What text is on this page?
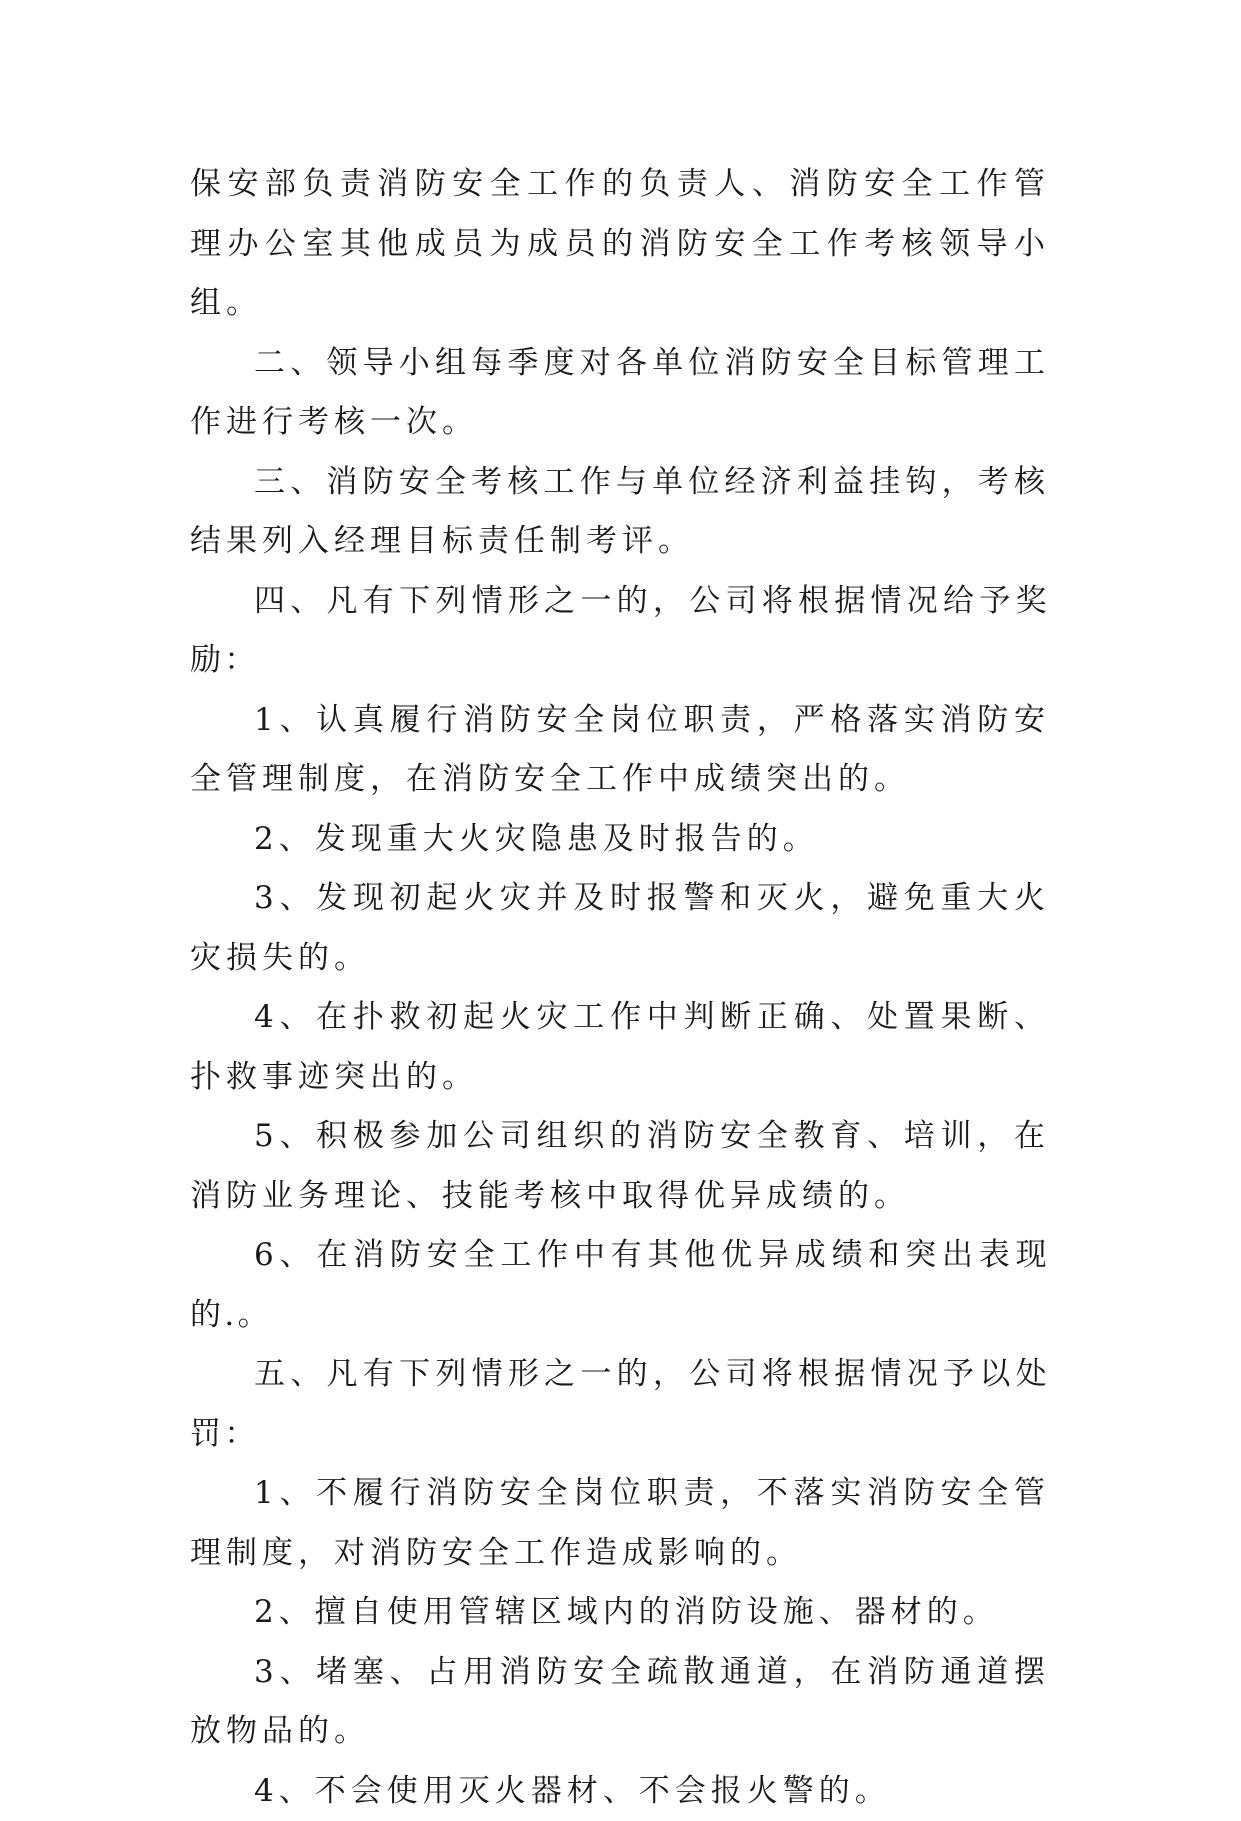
保安部负责消防安全工作的负责人、消防安全工作管理办公室其他成员为成员的消防安全工作考核领导小组。

二、领导小组每季度对各单位消防安全目标管理工作进行考核一次。

三、消防安全考核工作与单位经济利益挂钩，考核结果列入经理目标责任制考评。

四、凡有下列情形之一的，公司将根据情况给予奖励：

1、认真履行消防安全岗位职责，严格落实消防安全管理制度，在消防安全工作中成绩突出的。

2、发现重大火灾隐患及时报告的。

3、发现初起火灾并及时报警和灭火，避免重大火灾损失的。

4、在扑救初起火灾工作中判断正确、处置果断、扑救事迹突出的。

5、积极参加公司组织的消防安全教育、培训，在消防业务理论、技能考核中取得优异成绩的。

6、在消防安全工作中有其他优异成绩和突出表现的.。

五、凡有下列情形之一的，公司将根据情况予以处罚：

1、不履行消防安全岗位职责，不落实消防安全管理制度，对消防安全工作造成影响的。

2、擅自使用管辖区域内的消防设施、器材的。

3、堵塞、占用消防安全疏散通道，在消防通道摆放物品的。

4、不会使用灭火器材、不会报火警的。
